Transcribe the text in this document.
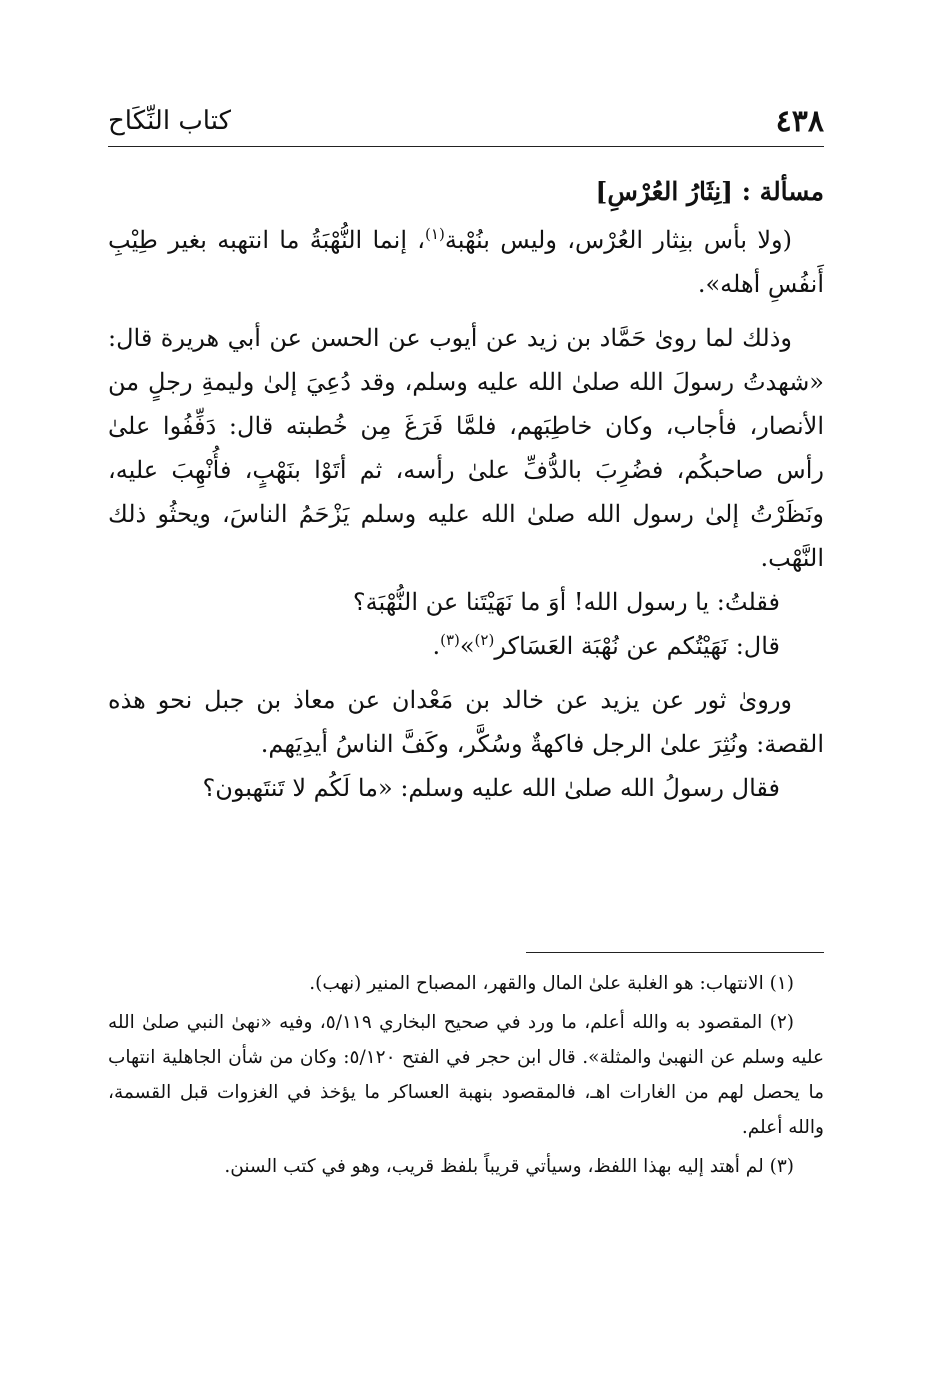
٤٣٨
كتاب النِّكَاح

مسألة : [نِثَارُ العُرْسِ]

(ولا بأس بنِثار العُرْس، وليس بنُهْبة$^{(١)}$، إنما النُّهْبَةُ ما انتهبه بغير طِيْبِ أَنفُسِ أهله».

وذلك لما رویٰ حَمَّاد بن زید عن أیوب عن الحسن عن أبي هریرة قال: «شهدتُ رسولَ الله صلىٰ الله علیه وسلم، وقد دُعِيَ إلىٰ ولیمةِ رجلٍ من الأنصار، فأجاب، وكان خاطِبَهم، فلمَّا فَرَغَ مِن خُطبته قال: دَفِّفُوا علىٰ رأس صاحبكُم، فضُرِبَ بالدُّفِّ علىٰ رأسه، ثم أتَوْا بنَهْبٍ، فأُنْهِبَ علیه، ونَظَرْتُ إلىٰ رسول الله صلىٰ الله علیه وسلم یَزْحَمُ الناسَ، ویحثُو ذلك النَّهْب.

فقلتُ: یا رسول الله! أوَ ما نَهَیْتَنا عن النُّهْبَة؟

قال: نَهَیْتُكم عن نُهْبَة العَسَاكر$^{(٢)}$»$^{(٣)}$.

وروىٰ ثور عن یزید عن خالد بن مَعْدان عن معاذ بن جبل نحو هذه القصة: ونُثِرَ علىٰ الرجل فاكهةٌ وسُكَّر، وكَفَّ الناسُ أیدِیَهم.

فقال رسولُ الله صلىٰ الله علیه وسلم: «ما لَكُم لا تَنتَهبون؟

(١) الانتهاب: هو الغلبة علىٰ المال والقهر، المصباح المنير (نهب).

(٢) المقصود به والله أعلم، ما ورد في صحيح البخاري ٥/١١٩، وفيه «نهىٰ النبي صلىٰ الله عليه وسلم عن النهبىٰ والمثلة». قال ابن حجر في الفتح ٥/١٢٠: وكان من شأن الجاهلية انتهاب ما يحصل لهم من الغارات اهـ، فالمقصود بنهبة العساكر ما يؤخذ في الغزوات قبل القسمة، والله أعلم.

(٣) لم أهتد إليه بهذا اللفظ، وسيأتي قريباً بلفظ قريب، وهو في كتب السنن.
